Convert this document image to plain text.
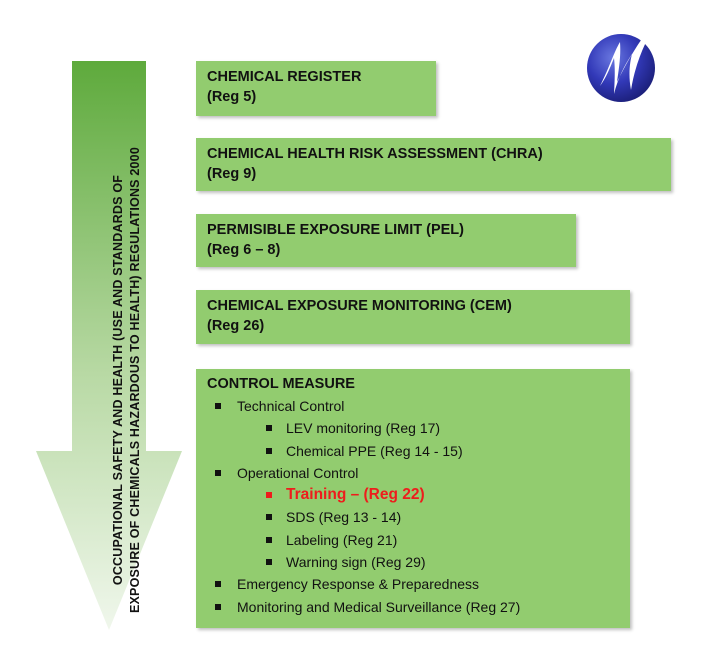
OCCUPATIONAL SAFETY AND HEALTH (USE AND STANDARDS OF EXPOSURE OF CHEMICALS HAZARDOUS TO HEALTH) REGULATIONS 2000
CHEMICAL REGISTER
(Reg 5)
CHEMICAL HEALTH RISK ASSESSMENT (CHRA)
(Reg 9)
PERMISIBLE EXPOSURE LIMIT (PEL)
(Reg 6 – 8)
CHEMICAL EXPOSURE MONITORING (CEM)
(Reg 26)
CONTROL MEASURE
Technical Control
LEV monitoring (Reg 17)
Chemical PPE (Reg 14 - 15)
Operational Control
Training – (Reg 22)
SDS (Reg 13 - 14)
Labeling (Reg 21)
Warning sign (Reg 29)
Emergency Response & Preparedness
Monitoring and Medical Surveillance (Reg 27)
